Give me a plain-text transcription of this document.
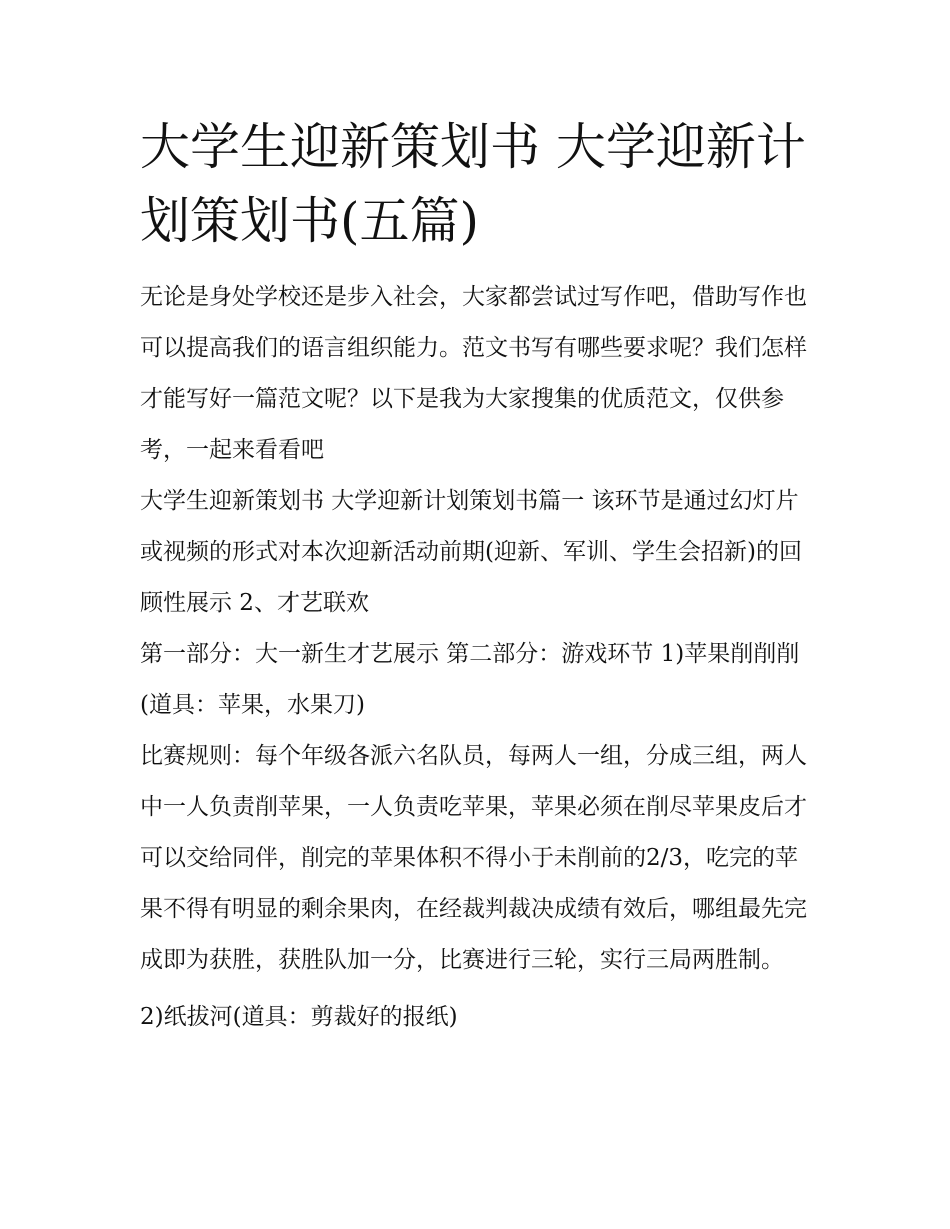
大学生迎新策划书 大学迎新计划策划书(五篇)

无论是身处学校还是步入社会，大家都尝试过写作吧，借助写作也可以提高我们的语言组织能力。范文书写有哪些要求呢？我们怎样才能写好一篇范文呢？以下是我为大家搜集的优质范文，仅供参考，一起来看看吧

大学生迎新策划书 大学迎新计划策划书篇一 该环节是通过幻灯片或视频的形式对本次迎新活动前期(迎新、军训、学生会招新)的回顾性展示 2、才艺联欢

第一部分：大一新生才艺展示 第二部分：游戏环节 1)苹果削削削(道具：苹果，水果刀)

比赛规则：每个年级各派六名队员，每两人一组，分成三组，两人中一人负责削苹果，一人负责吃苹果，苹果必须在削尽苹果皮后才可以交给同伴，削完的苹果体积不得小于未削前的2/3，吃完的苹果不得有明显的剩余果肉，在经裁判裁决成绩有效后，哪组最先完成即为获胜，获胜队加一分，比赛进行三轮，实行三局两胜制。

2)纸拔河(道具：剪裁好的报纸)
